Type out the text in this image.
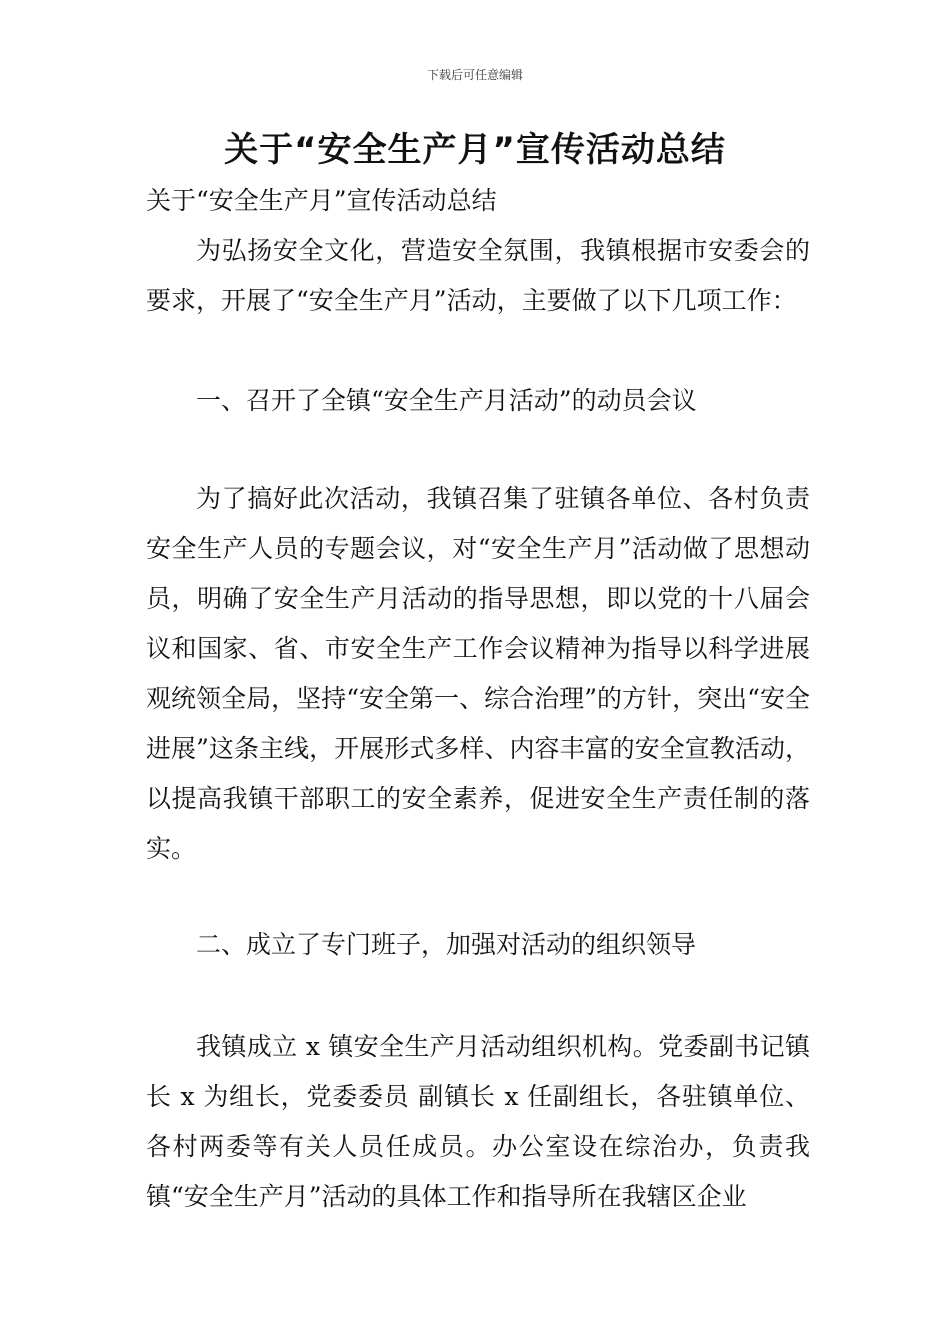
下载后可任意编辑
关于“安全生产月”宣传活动总结

关于“安全生产月”宣传活动总结

为弘扬安全文化，营造安全氛围，我镇根据市安委会的要求，开展了“安全生产月”活动，主要做了以下几项工作：

一、召开了全镇“安全生产月活动”的动员会议

为了搞好此次活动，我镇召集了驻镇各单位、各村负责安全生产人员的专题会议，对“安全生产月”活动做了思想动员，明确了安全生产月活动的指导思想，即以党的十八届会议和国家、省、市安全生产工作会议精神为指导以科学进展观统领全局，坚持“安全第一、综合治理”的方针，突出“安全进展”这条主线，开展形式多样、内容丰富的安全宣教活动，以提高我镇干部职工的安全素养，促进安全生产责任制的落实。

二、成立了专门班子，加强对活动的组织领导

我镇成立 x 镇安全生产月活动组织机构。党委副书记镇长 x 为组长，党委委员 副镇长 x 任副组长，各驻镇单位、各村两委等有关人员任成员。办公室设在综治办，负责我镇“安全生产月”活动的具体工作和指导所在我辖区企业
